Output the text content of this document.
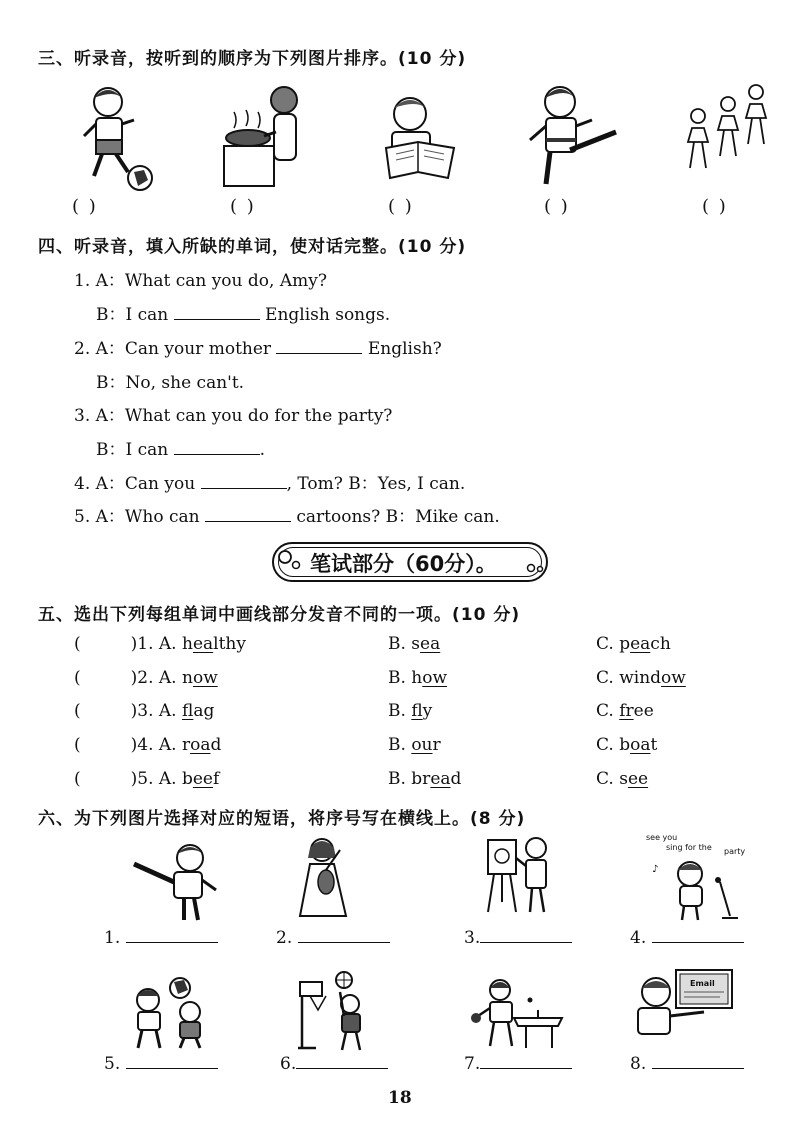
三、听录音，按听到的顺序为下列图片排序。(10 分)
( )	( )	( )	( )	( )
四、听录音，填入所缺的单词，使对话完整。(10 分)
1. A：What can you do, Amy?
B：I can	English songs.
2. A：Can your mother	English?
B：No, she can't.
3. A：What can you do for the party?
B：I can	.
4. A：Can you	, Tom? B：Yes, I can.
5. A：Who can	cartoons? B：Mike can.
笔试部分（60分）。
五、选出下列每组单词中画线部分发音不同的一项。(10 分)
(	)1. A. healthy	B. sea	C. peach
(	)2. A. now	B. how	C. window
(	)3. A. flag	B. fly	C. free
(	)4. A. road	B. our	C. boat
(	)5. A. beef	B. bread	C. see
六、为下列图片选择对应的短语，将序号写在横线上。(8 分)
see you
sing for the party
♪
1.	2.	3.	4.
Email
5.	6.	7.	8.
18
